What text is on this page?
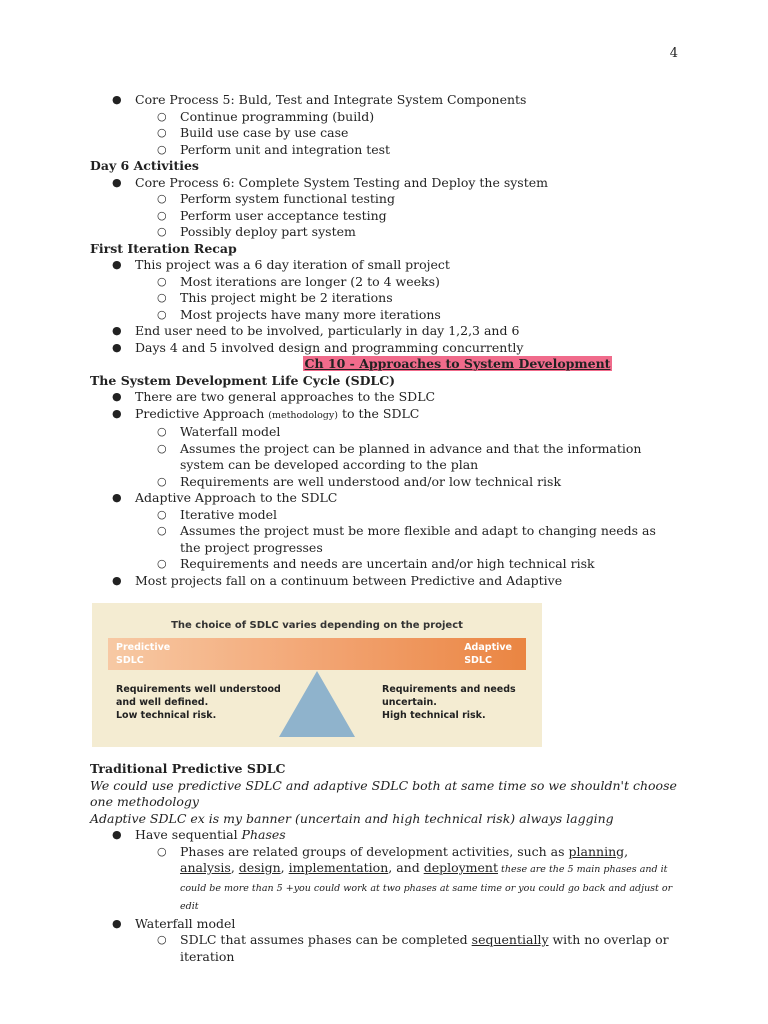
4
● Core Process 5: Buld, Test and Integrate System Components
○ Continue programming (build)
○ Build use case by use case
○ Perform unit and integration test
Day 6 Activities
● Core Process 6: Complete System Testing and Deploy the system
○ Perform system functional testing
○ Perform user acceptance testing
○ Possibly deploy part system
First Iteration Recap
● This project was a 6 day iteration of small project
○ Most iterations are longer (2 to 4 weeks)
○ This project might be 2 iterations
○ Most projects have many more iterations
● End user need to be involved, particularly in day 1,2,3 and 6
● Days 4 and 5 involved design and programming concurrently
Ch 10 - Approaches to System Development
The System Development Life Cycle (SDLC)
● There are two general approaches to the SDLC
● Predictive Approach (methodology) to the SDLC
○ Waterfall model
○ Assumes the project can be planned in advance and that the information system can be developed according to the plan
○ Requirements are well understood and/or low technical risk
● Adaptive Approach to the SDLC
○ Iterative model
○ Assumes the project must be more flexible and adapt to changing needs as the project progresses
○ Requirements and needs are uncertain and/or high technical risk
● Most projects fall on a continuum between Predictive and Adaptive
The choice of SDLC varies depending on the project
Predictive
SDLC
Adaptive
SDLC
Requirements well understood
and well defined.
Low technical risk.
Requirements and needs
uncertain.
High technical risk.
Traditional Predictive SDLC
We could use predictive SDLC and adaptive SDLC both at same time so we shouldn't choose one methodology
Adaptive SDLC ex is my banner (uncertain and high technical risk) always lagging
● Have sequential Phases
○ Phases are related groups of development activities, such as planning, analysis, design, implementation, and deployment these are the 5 main phases and it could be more than 5 +you could work at two phases at same time or you could go back and adjust or edit
● Waterfall model
○ SDLC that assumes phases can be completed sequentially with no overlap or iteration
